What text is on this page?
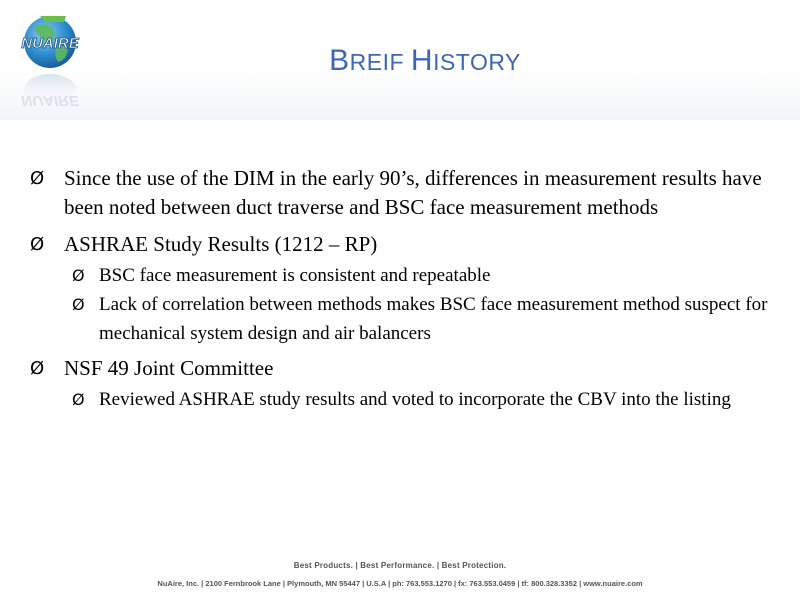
NUAIRE
NUAIRE
BREIF HISTORY
Ø Since the use of the DIM in the early 90’s, differences in measurement results have been noted between duct traverse and BSC face measurement methods
Ø ASHRAE Study Results (1212 – RP)
Ø BSC face measurement is consistent and repeatable
Ø Lack of correlation between methods makes BSC face measurement method suspect for mechanical system design and air balancers
Ø NSF 49 Joint Committee
Ø Reviewed ASHRAE study results and voted to incorporate the CBV into the listing
Best Products. | Best Performance. | Best Protection.
NuAire, Inc. | 2100 Fernbrook Lane | Plymouth, MN 55447 | U.S.A | ph: 763.553.1270 | fx: 763.553.0459 | tf: 800.328.3352 | www.nuaire.com
